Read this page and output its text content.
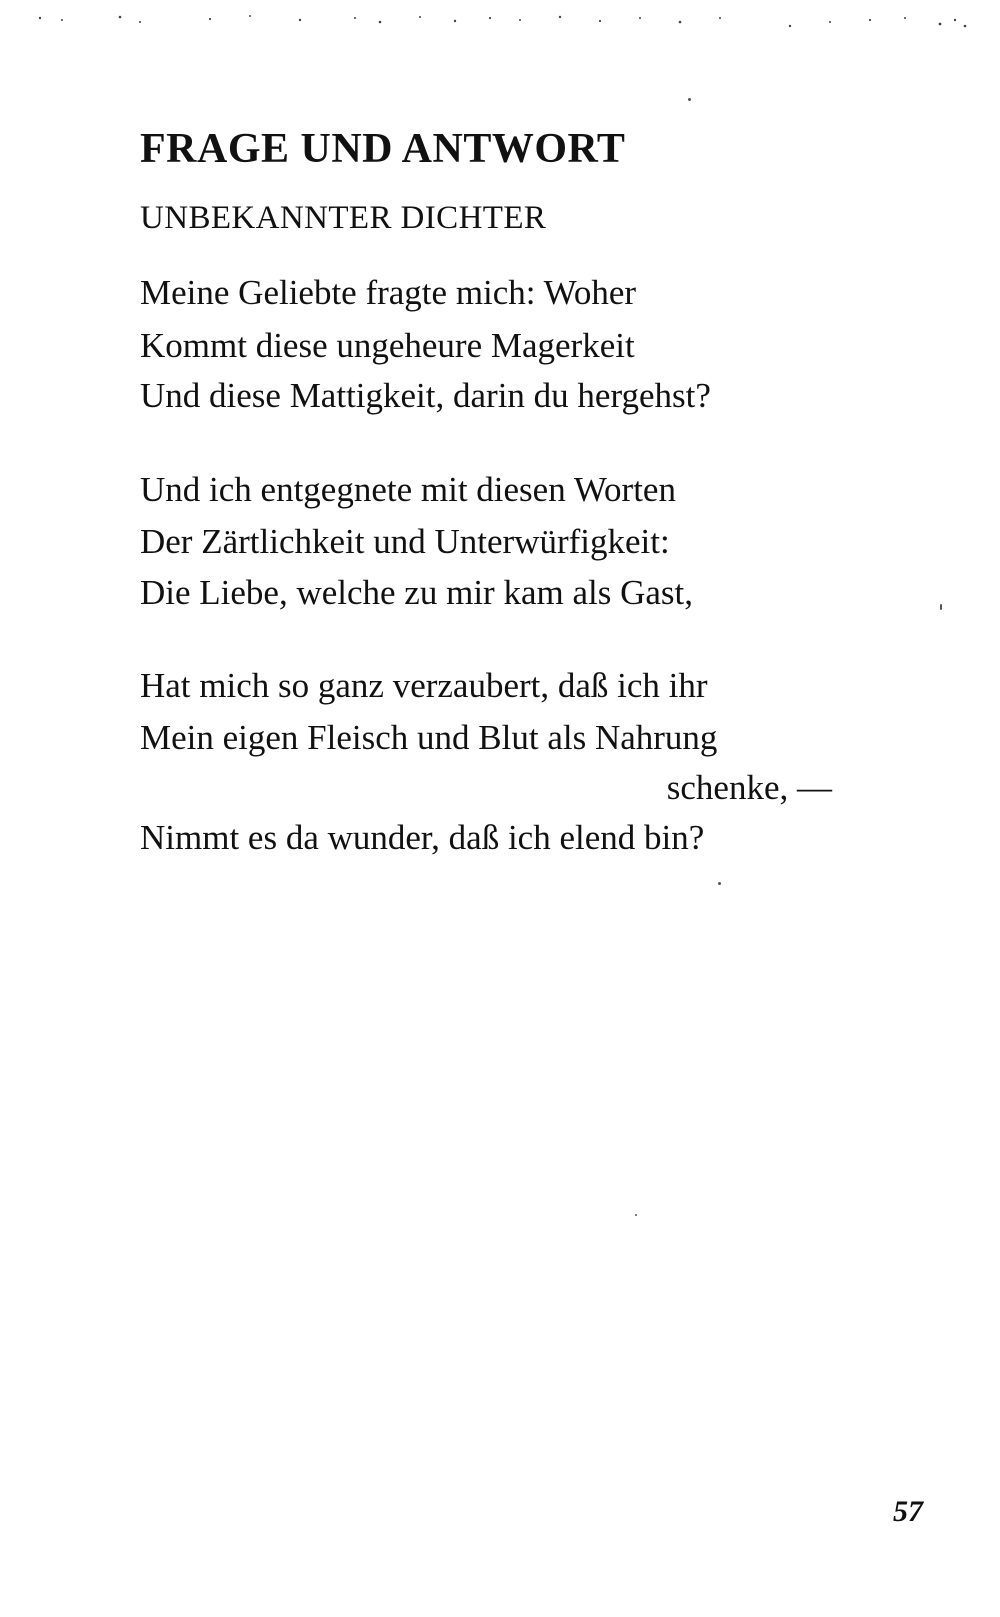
FRAGE UND ANTWORT
UNBEKANNTER DICHTER
Meine Geliebte fragte mich: Woher
Kommt diese ungeheure Magerkeit
Und diese Mattigkeit, darin du hergehst?
Und ich entgegnete mit diesen Worten
Der Zärtlichkeit und Unterwürfigkeit:
Die Liebe, welche zu mir kam als Gast,
Hat mich so ganz verzaubert, daß ich ihr
Mein eigen Fleisch und Blut als Nahrung
schenke, —
Nimmt es da wunder, daß ich elend bin?
57
